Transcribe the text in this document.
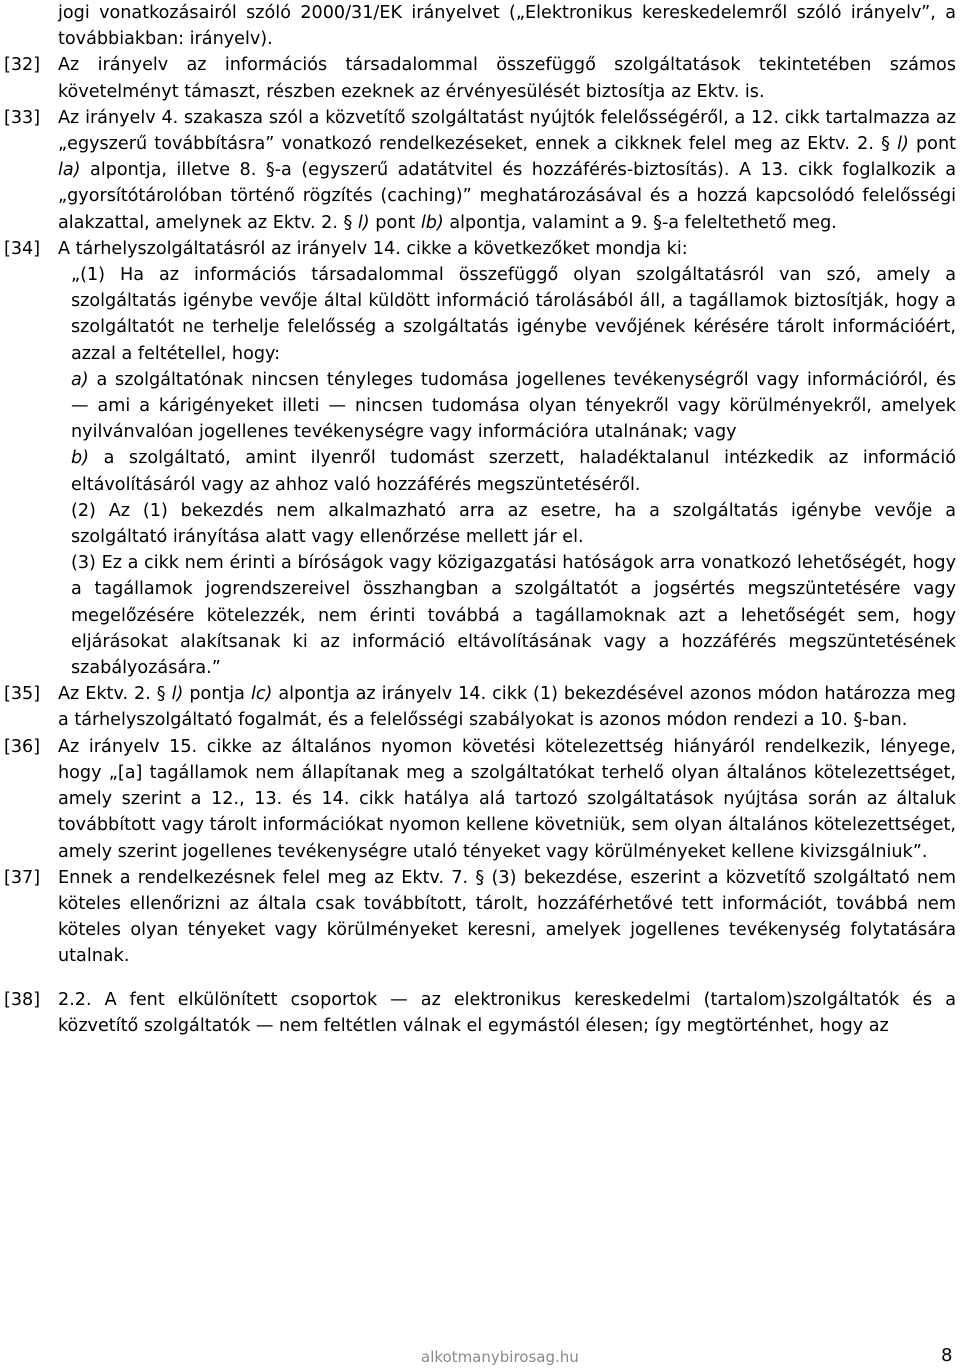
jogi vonatkozásairól szóló 2000/31/EK irányelvet („Elektronikus kereskedelemről szóló irányelv”, a továbbiakban: irányelv).

[32]	Az irányelv az információs társadalommal összefüggő szolgáltatások tekintetében számos követelményt támaszt, részben ezeknek az érvényesülését biztosítja az Ektv. is.
[33]	Az irányelv 4. szakasza szól a közvetítő szolgáltatást nyújtók felelősségéről, a 12. cikk tartalmazza az „egyszerű továbbításra” vonatkozó rendelkezéseket, ennek a cikknek felel meg az Ektv. 2. § l) pont la) alpontja, illetve 8. §-a (egyszerű adatátvitel és hozzáférés-biztosítás). A 13. cikk foglalkozik a „gyorsítótárolóban történő rögzítés (caching)” meghatározásával és a hozzá kapcsolódó felelősségi alakzattal, amelynek az Ektv. 2. § l) pont lb) alpontja, valamint a 9. §-a feleltethető meg.
[34]	A tárhelyszolgáltatásról az irányelv 14. cikke a következőket mondja ki:

„(1) Ha az információs társadalommal összefüggő olyan szolgáltatásról van szó, amely a szolgáltatás igénybe vevője által küldött információ tárolásából áll, a tagállamok biztosítják, hogy a szolgáltatót ne terhelje felelősség a szolgáltatás igénybe vevőjének kérésére tárolt információért, azzal a feltétellel, hogy:

a) a szolgáltatónak nincsen tényleges tudomása jogellenes tevékenységről vagy információról, és — ami a kárigényeket illeti — nincsen tudomása olyan tényekről vagy körülményekről, amelyek nyilvánvalóan jogellenes tevékenységre vagy információra utalnának; vagy

b) a szolgáltató, amint ilyenről tudomást szerzett, haladéktalanul intézkedik az információ eltávolításáról vagy az ahhoz való hozzáférés megszüntetéséről.

(2) Az (1) bekezdés nem alkalmazható arra az esetre, ha a szolgáltatás igénybe vevője a szolgáltató irányítása alatt vagy ellenőrzése mellett jár el.

(3) Ez a cikk nem érinti a bíróságok vagy közigazgatási hatóságok arra vonatkozó lehetőségét, hogy a tagállamok jogrendszereivel összhangban a szolgáltatót a jogsértés megszüntetésére vagy megelőzésére kötelezzék, nem érinti továbbá a tagállamoknak azt a lehetőségét sem, hogy eljárásokat alakítsanak ki az információ eltávolításának vagy a hozzáférés megszüntetésének szabályozására.”

[35]	Az Ektv. 2. § l) pontja lc) alpontja az irányelv 14. cikk (1) bekezdésével azonos módon határozza meg a tárhelyszolgáltató fogalmát, és a felelősségi szabályokat is azonos módon rendezi a 10. §-ban.
[36]	Az irányelv 15. cikke az általános nyomon követési kötelezettség hiányáról rendelkezik, lényege, hogy „[a] tagállamok nem állapítanak meg a szolgáltatókat terhelő olyan általános kötelezettséget, amely szerint a 12., 13. és 14. cikk hatálya alá tartozó szolgáltatások nyújtása során az általuk továbbított vagy tárolt információkat nyomon kellene követniük, sem olyan általános kötelezettséget, amely szerint jogellenes tevékenységre utaló tényeket vagy körülményeket kellene kivizsgálniuk”.
[37]	Ennek a rendelkezésnek felel meg az Ektv. 7. § (3) bekezdése, eszerint a közvetítő szolgáltató nem köteles ellenőrizni az általa csak továbbított, tárolt, hozzáférhetővé tett információt, továbbá nem köteles olyan tényeket vagy körülményeket keresni, amelyek jogellenes tevékenység folytatására utalnak.
[38]	2.2. A fent elkülönített csoportok — az elektronikus kereskedelmi (tartalom)szolgáltatók és a közvetítő szolgáltatók — nem feltétlen válnak el egymástól élesen; így megtörténhet, hogy az
alkotmanybirosag.hu	8
